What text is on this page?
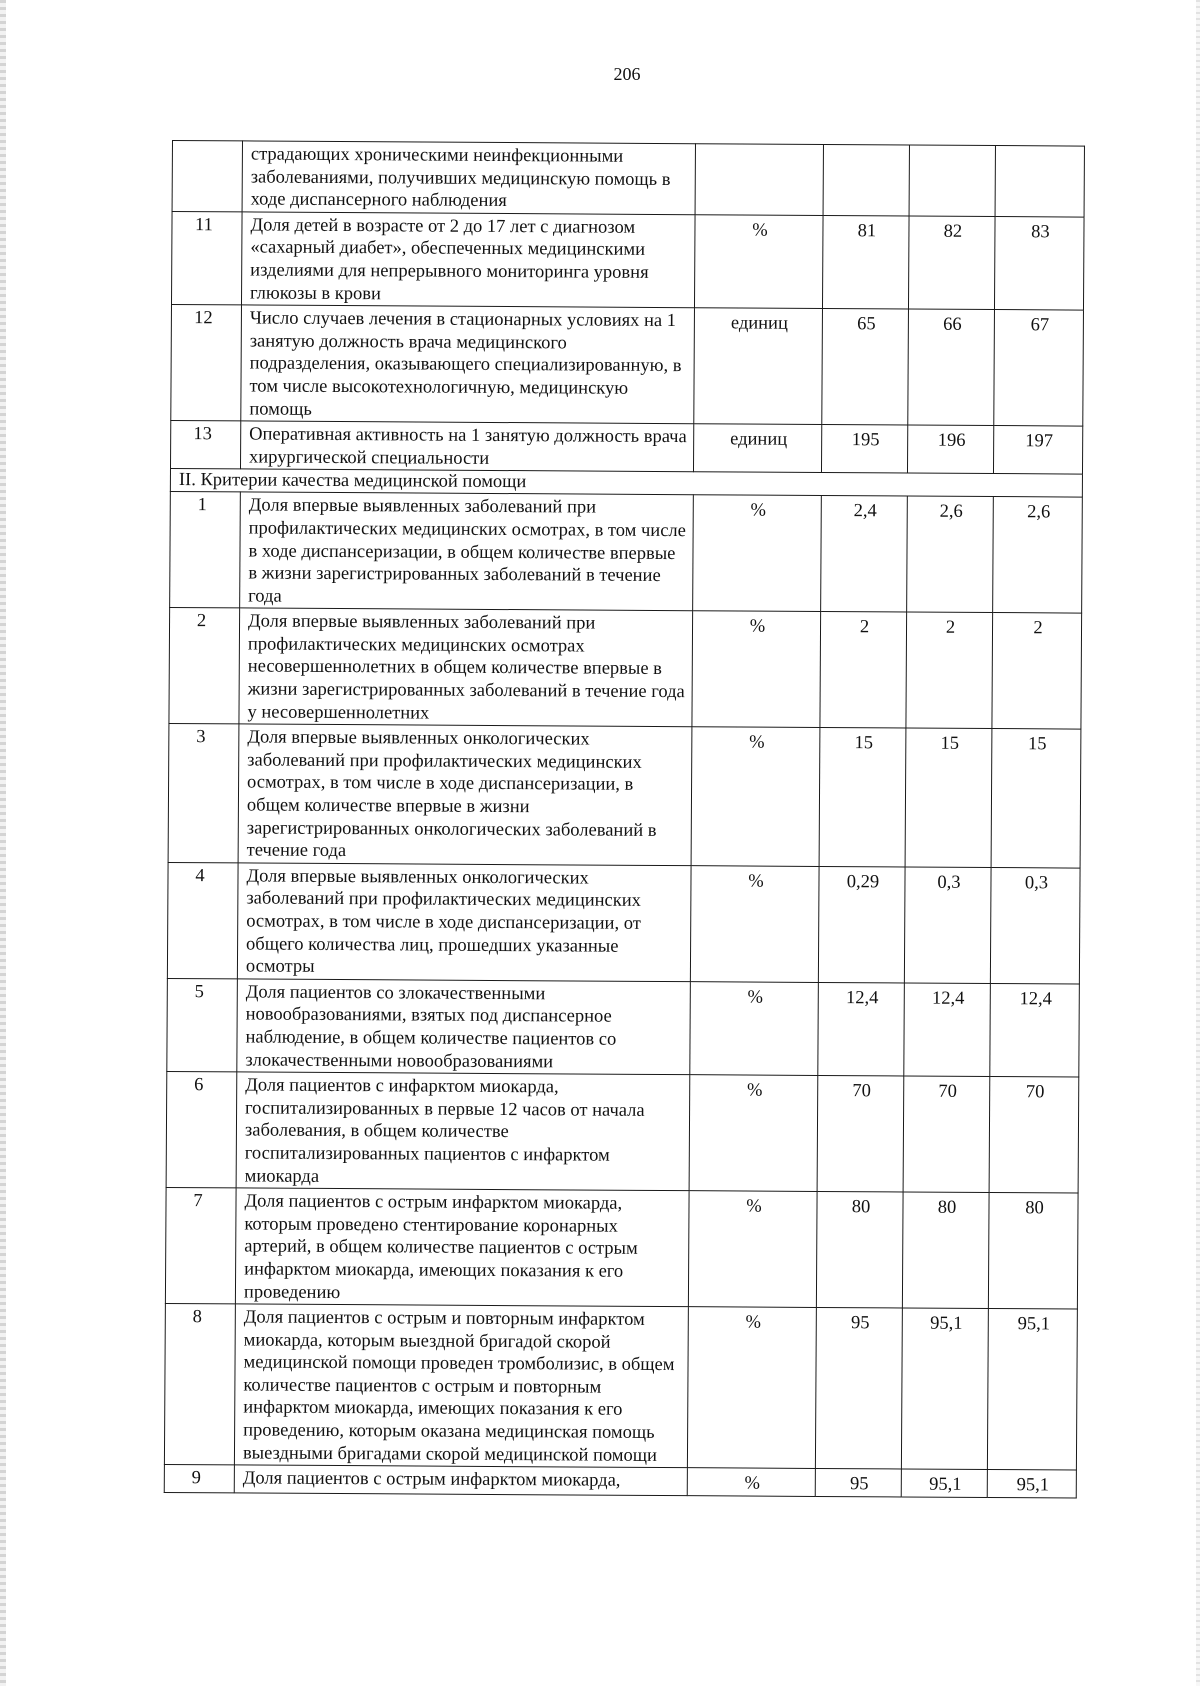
206
	страдающих хроническими неинфекционными заболеваниями, получивших медицинскую помощь в ходе диспансерного наблюдения				
11	Доля детей в возрасте от 2 до 17 лет с диагнозом «сахарный диабет», обеспеченных медицинскими изделиями для непрерывного мониторинга уровня глюкозы в крови	%	81	82	83
12	Число случаев лечения в стационарных условиях на 1 занятую должность врача медицинского подразделения, оказывающего специализированную, в том числе высокотехнологичную, медицинскую помощь	единиц	65	66	67
13	Оперативная активность на 1 занятую должность врача хирургической специальности	единиц	195	196	197
II. Критерии качества медицинской помощи					
1	Доля впервые выявленных заболеваний при профилактических медицинских осмотрах, в том числе в ходе диспансеризации, в общем количестве впервые в жизни зарегистрированных заболеваний в течение года	%	2,4	2,6	2,6
2	Доля впервые выявленных заболеваний при профилактических медицинских осмотрах несовершеннолетних в общем количестве впервые в жизни зарегистрированных заболеваний в течение года у несовершеннолетних	%	2	2	2
3	Доля впервые выявленных онкологических заболеваний при профилактических медицинских осмотрах, в том числе в ходе диспансеризации, в общем количестве впервые в жизни зарегистрированных онкологических заболеваний в течение года	%	15	15	15
4	Доля впервые выявленных онкологических заболеваний при профилактических медицинских осмотрах, в том числе в ходе диспансеризации, от общего количества лиц, прошедших указанные осмотры	%	0,29	0,3	0,3
5	Доля пациентов со злокачественными новообразованиями, взятых под диспансерное наблюдение, в общем количестве пациентов со злокачественными новообразованиями	%	12,4	12,4	12,4
6	Доля пациентов с инфарктом миокарда, госпитализированных в первые 12 часов от начала заболевания, в общем количестве госпитализированных пациентов с инфарктом миокарда	%	70	70	70
7	Доля пациентов с острым инфарктом миокарда, которым проведено стентирование коронарных артерий, в общем количестве пациентов с острым инфарктом миокарда, имеющих показания к его проведению	%	80	80	80
8	Доля пациентов с острым и повторным инфарктом миокарда, которым выездной бригадой скорой медицинской помощи проведен тромболизис, в общем количестве пациентов с острым и повторным инфарктом миокарда, имеющих показания к его проведению, которым оказана медицинская помощь выездными бригадами скорой медицинской помощи	%	95	95,1	95,1
9	Доля пациентов с острым инфарктом миокарда,	%	95	95,1	95,1
